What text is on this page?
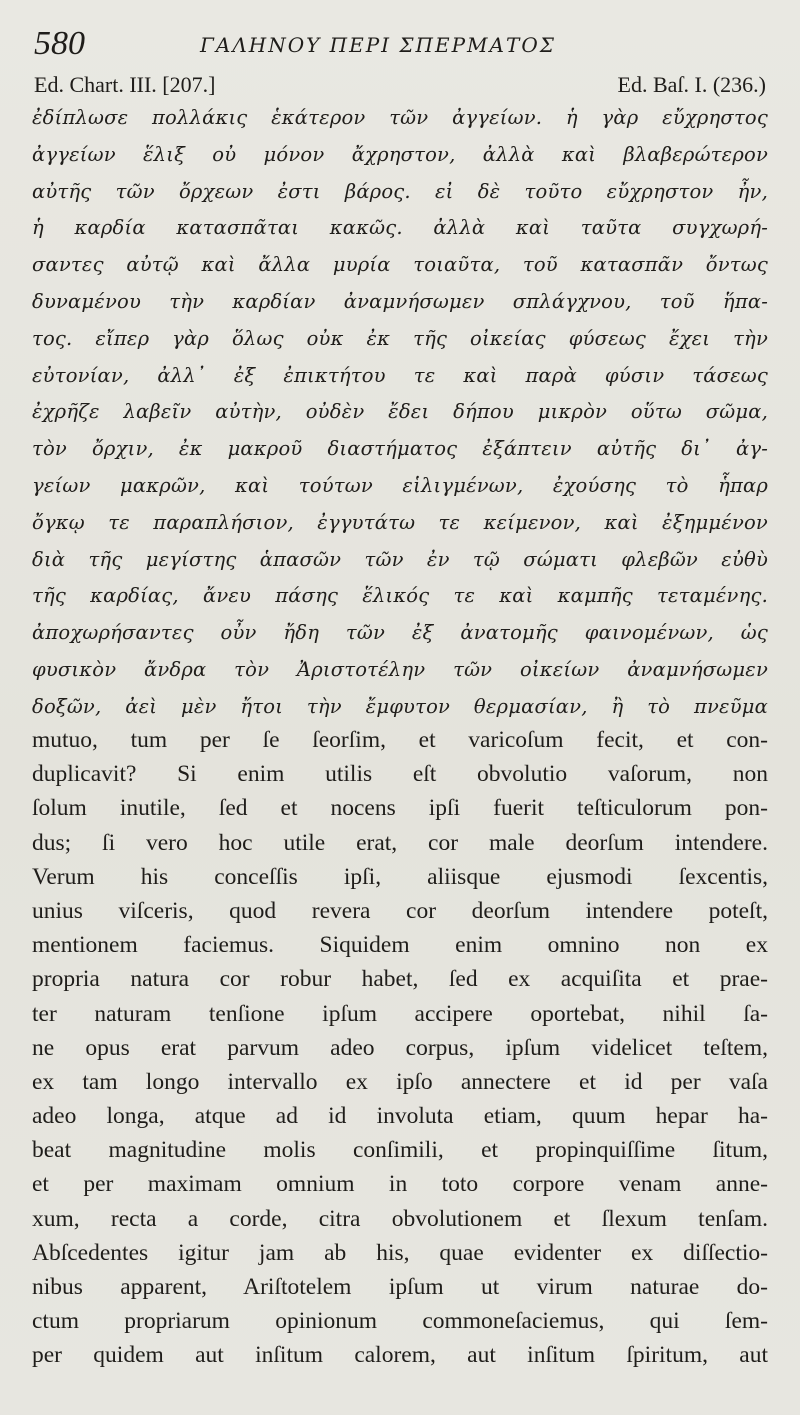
580	ΓΑΛΗΝΟΥ ΠΕΡΙ ΣΠΕΡΜΑΤΟΣ
Ed. Chart. III. [207.]	Ed. Baſ. I. (236.)
ἐδίπλωσε πολλάκις ἑκάτερον τῶν ἀγγείων. ἡ γὰρ εὔχρηστος
ἀγγείων ἕλιξ οὐ μόνον ἄχρηστον, ἀλλὰ καὶ βλαβερώτερον
αὐτῆς τῶν ὄρχεων ἐστι βάρος. εἰ δὲ τοῦτο εὔχρηστον ἦν,
ἡ καρδία κατασπᾶται κακῶς. ἀλλὰ καὶ ταῦτα συγχωρή-
σαντες αὐτῷ καὶ ἄλλα μυρία τοιαῦτα, τοῦ κατασπᾶν ὄντως
δυναμένου τὴν καρδίαν ἀναμνήσωμεν σπλάγχνου, τοῦ ἥπα-
τος. εἴπερ γὰρ ὅλως οὐκ ἐκ τῆς οἰκείας φύσεως ἔχει τὴν
εὐτονίαν, ἀλλ᾽ ἐξ ἐπικτήτου τε καὶ παρὰ φύσιν τάσεως
ἐχρῆζε λαβεῖν αὐτὴν, οὐδὲν ἔδει δήπου μικρὸν οὕτω σῶμα,
τὸν ὄρχιν, ἐκ μακροῦ διαστήματος ἐξάπτειν αὐτῆς δι᾽ ἀγ-
γείων μακρῶν, καὶ τούτων εἱλιγμένων, ἐχούσης τὸ ἧπαρ
ὄγκῳ τε παραπλήσιον, ἐγγυτάτω τε κείμενον, καὶ ἐξημμένον
διὰ τῆς μεγίστης ἁπασῶν τῶν ἐν τῷ σώματι φλεβῶν εὐθὺ
τῆς καρδίας, ἄνευ πάσης ἕλικός τε καὶ καμπῆς τεταμένης.
ἀποχωρήσαντες οὖν ἤδη τῶν ἐξ ἀνατομῆς φαινομένων, ὡς
φυσικὸν ἄνδρα τὸν Ἀριστοτέλην τῶν οἰκείων ἀναμνήσωμεν
δοξῶν, ἀεὶ μὲν ἤτοι τὴν ἔμφυτον θερμασίαν, ἢ τὸ πνεῦμα
mutuo, tum per ſe ſeorſim, et varicoſum fecit, et con-
duplicavit? Si enim utilis eſt obvolutio vaſorum, non
ſolum inutile, ſed et nocens ipſi fuerit teſticulorum pon-
dus; ſi vero hoc utile erat, cor male deorſum intendere.
Verum his conceſſis ipſi, aliisque ejusmodi ſexcentis,
unius viſceris, quod revera cor deorſum intendere poteſt,
mentionem faciemus. Siquidem enim omnino non ex
propria natura cor robur habet, ſed ex acquiſita et prae-
ter naturam tenſione ipſum accipere oportebat, nihil ſa-
ne opus erat parvum adeo corpus, ipſum videlicet teſtem,
ex tam longo intervallo ex ipſo annectere et id per vaſa
adeo longa, atque ad id involuta etiam, quum hepar ha-
beat magnitudine molis conſimili, et propinquiſſime ſitum,
et per maximam omnium in toto corpore venam anne-
xum, recta a corde, citra obvolutionem et ſlexum tenſam.
Abſcedentes igitur jam ab his, quae evidenter ex diſſectio-
nibus apparent, Ariſtotelem ipſum ut virum naturae do-
ctum propriarum opinionum commoneſaciemus, qui ſem-
per quidem aut inſitum calorem, aut inſitum ſpiritum, aut
